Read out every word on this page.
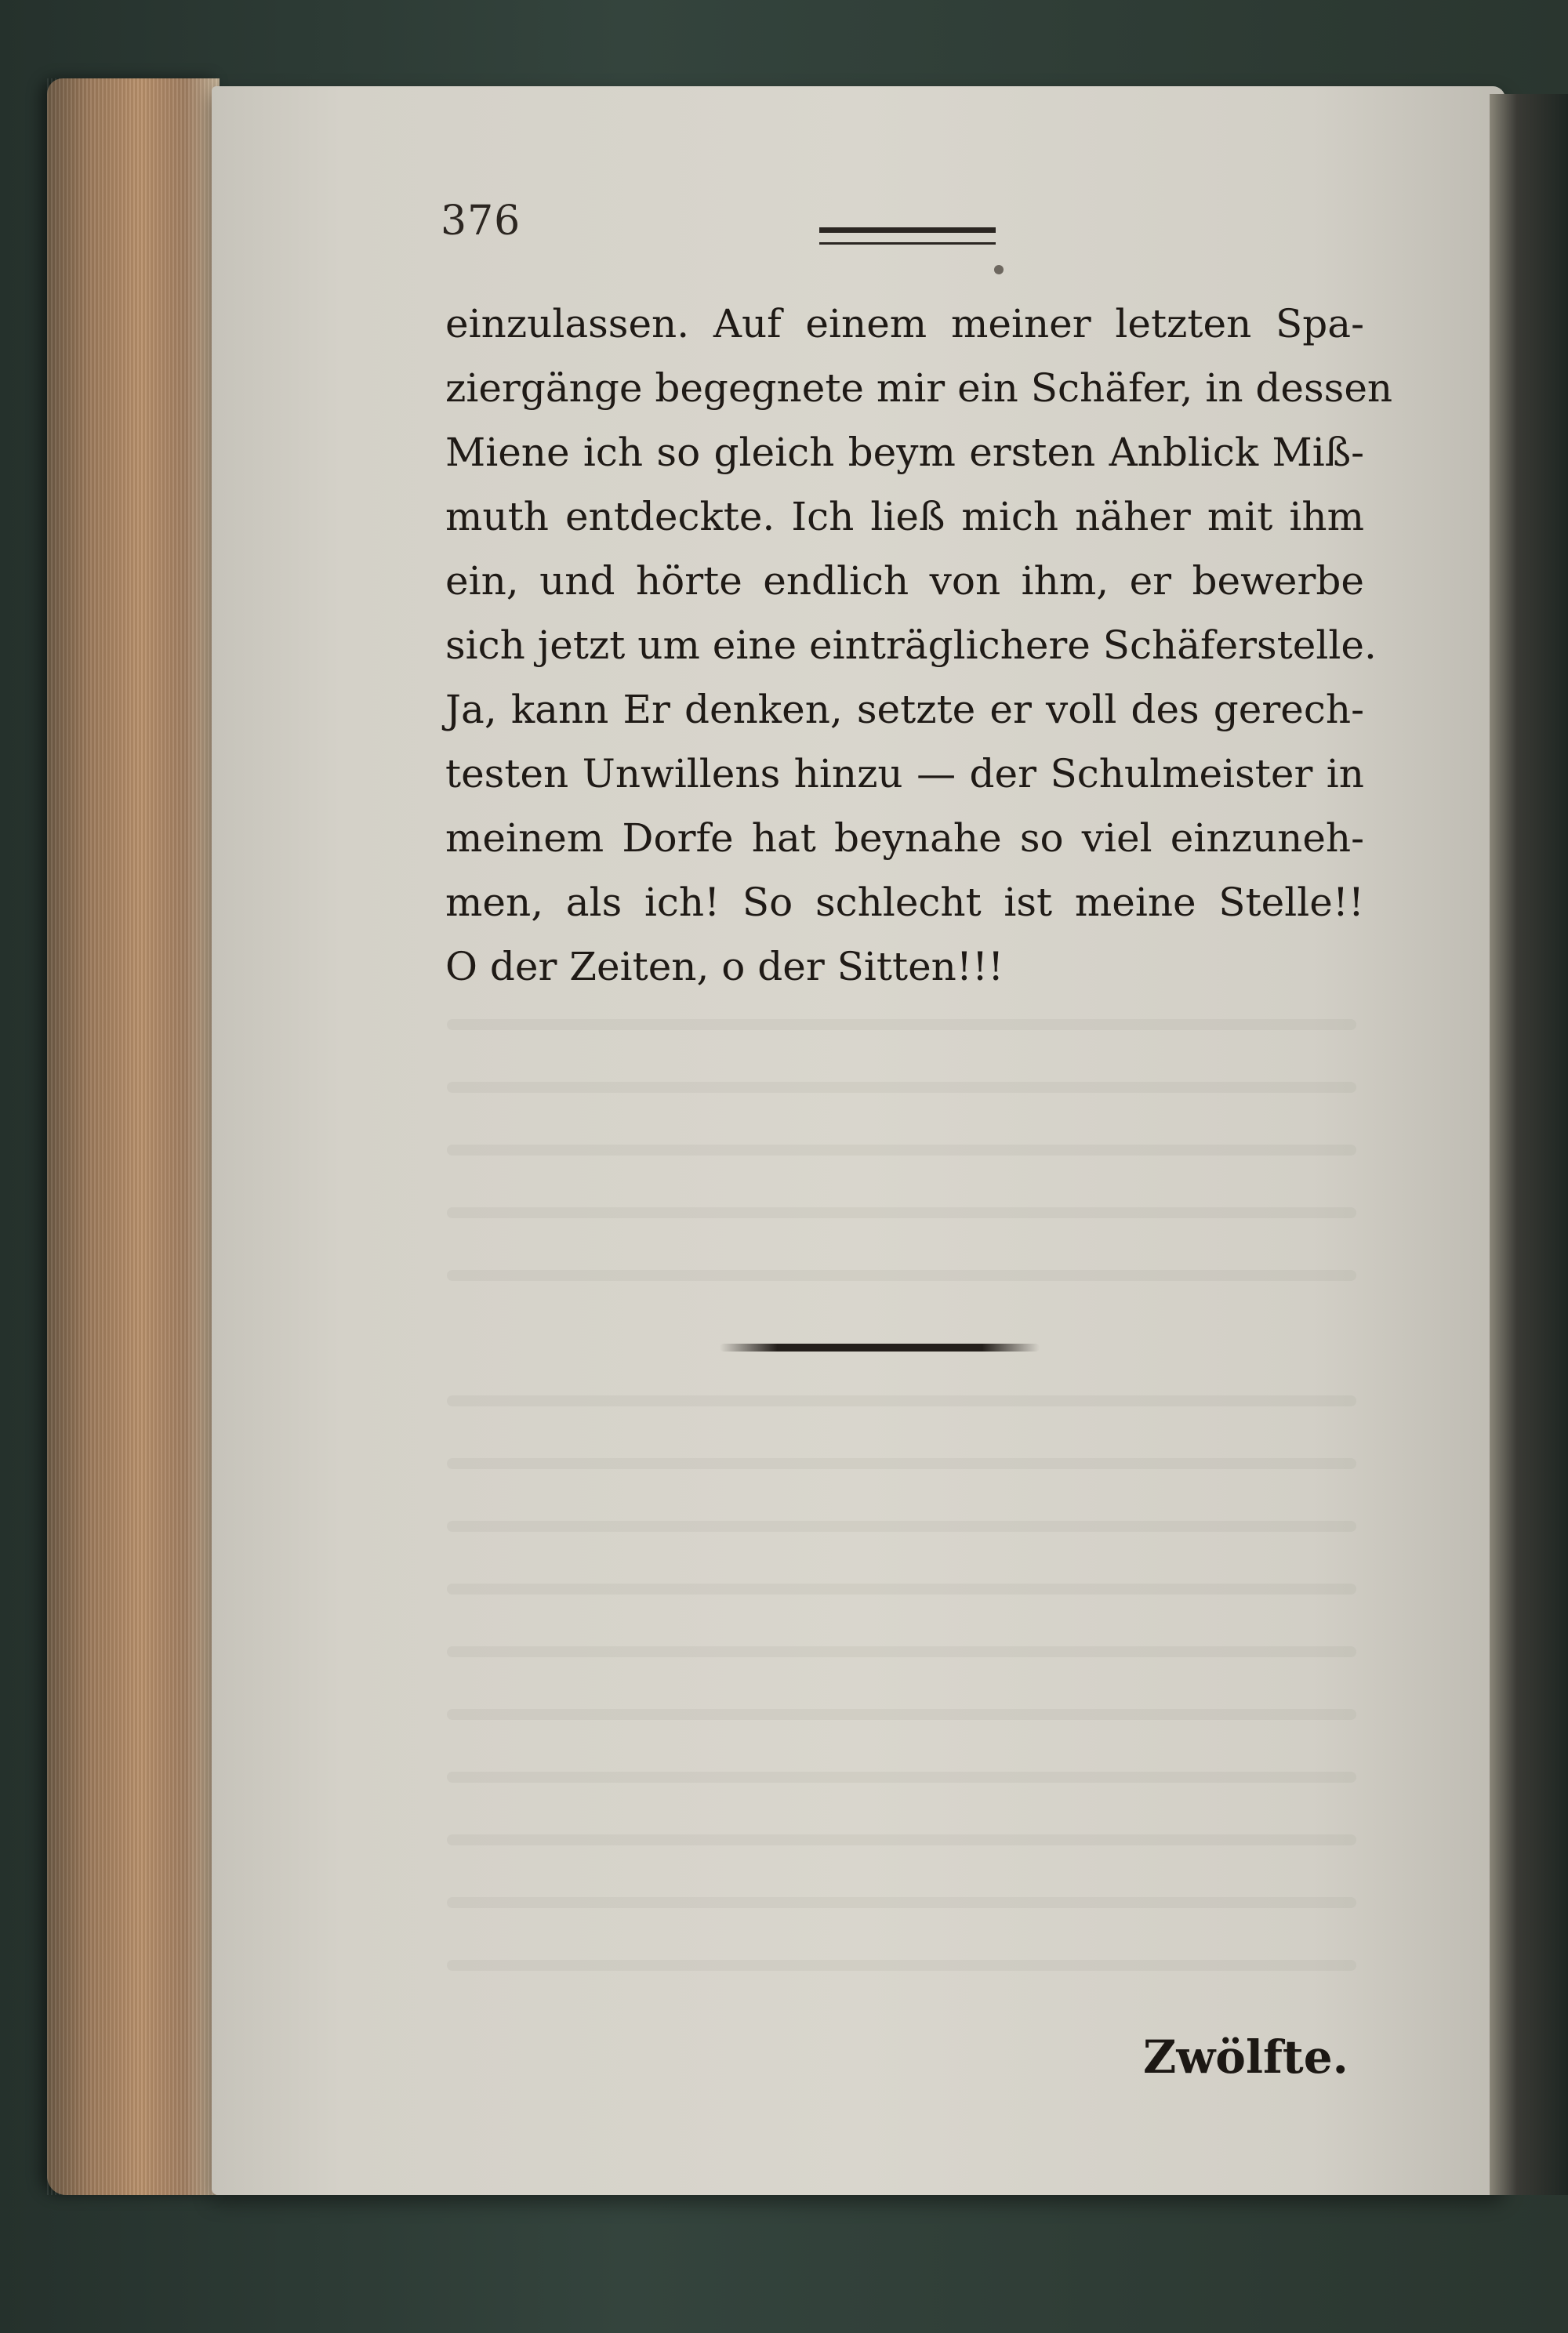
376
einzulassen. Auf einem meiner letzten Spa-
ziergänge begegnete mir ein Schäfer, in dessen
Miene ich so gleich beym ersten Anblick Miß-
muth entdeckte. Ich ließ mich näher mit ihm
ein, und hörte endlich von ihm, er bewerbe
sich jetzt um eine einträglichere Schäferstelle.
Ja, kann Er denken, setzte er voll des gerech-
testen Unwillens hinzu — der Schulmeister in
meinem Dorfe hat beynahe so viel einzuneh-
men, als ich! So schlecht ist meine Stelle!!
O der Zeiten, o der Sitten!!!
Zwölfte.
